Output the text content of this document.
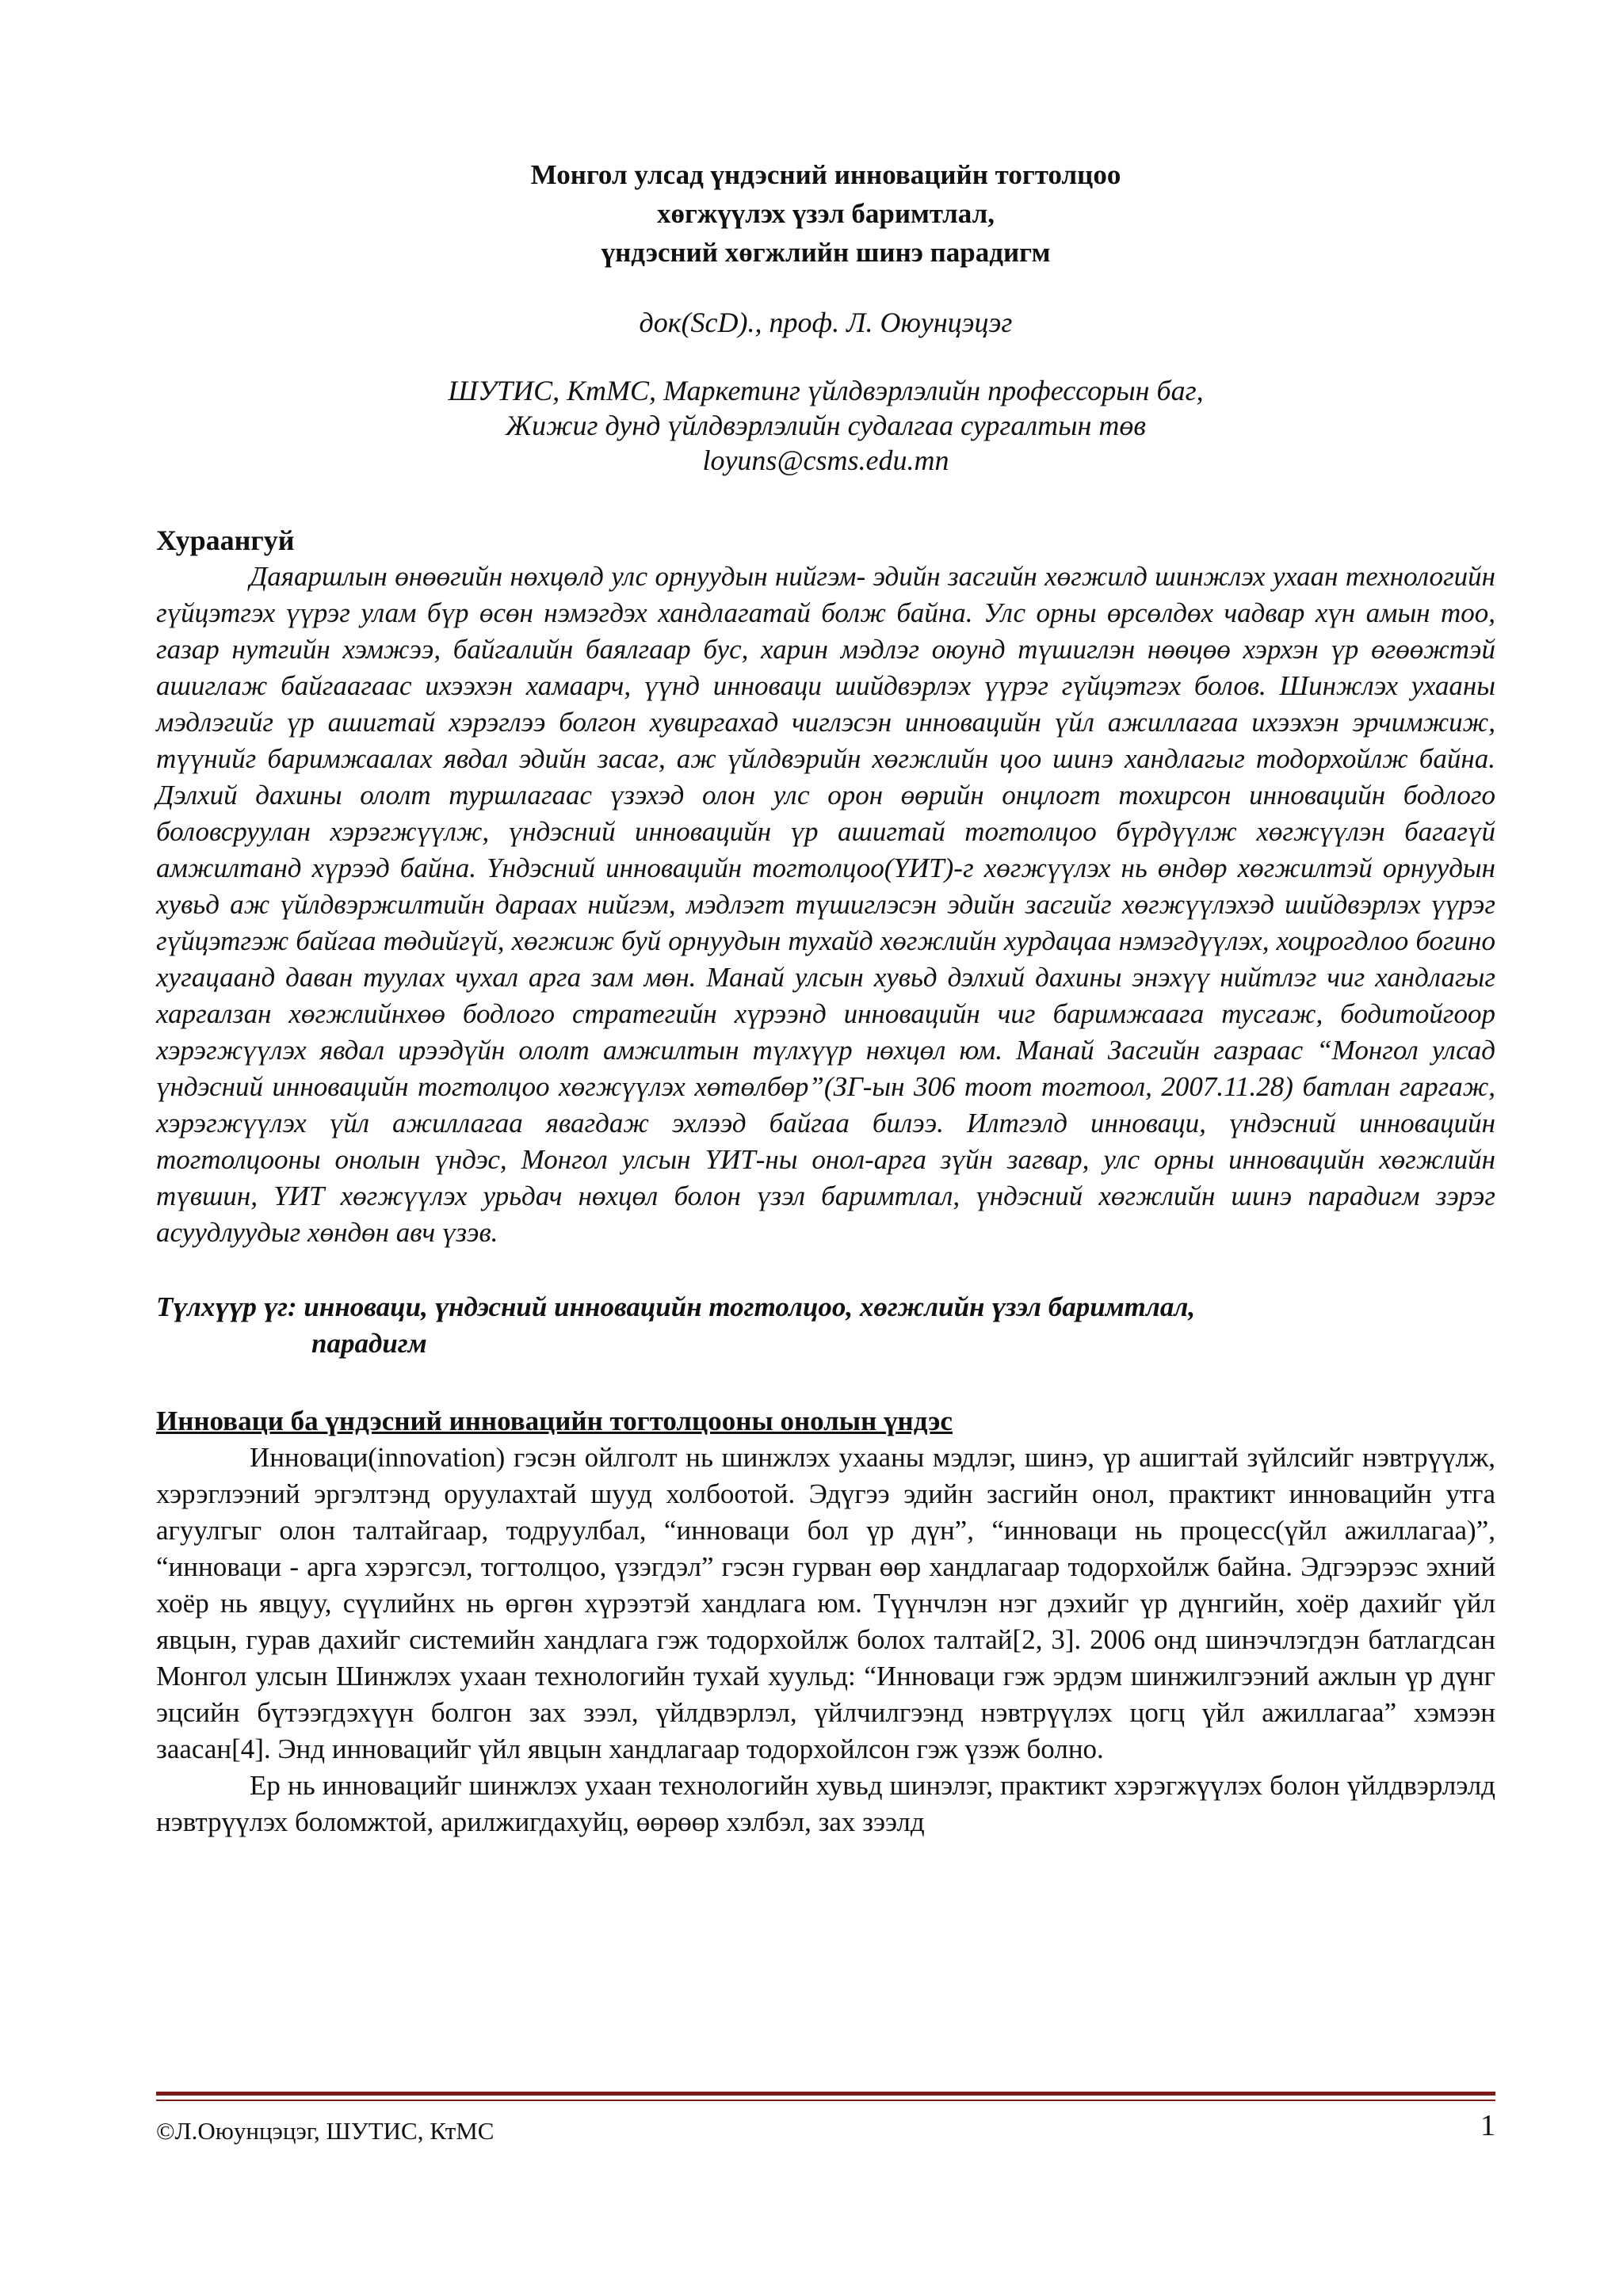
Монгол улсад үндэсний инновацийн тогтолцоо
хөгжүүлэх үзэл баримтлал,
үндэсний хөгжлийн шинэ парадигм
док(ScD)., проф. Л. Оюунцэцэг
ШУТИС, КтМС, Маркетинг үйлдвэрлэлийн профессорын баг,
Жижиг дунд үйлдвэрлэлийн судалгаа сургалтын төв
loyuns@csms.edu.mn
Хураангуй

Даяаршлын өнөөгийн нөхцөлд улс орнуудын нийгэм- эдийн засгийн хөгжилд шинжлэх ухаан технологийн гүйцэтгэх үүрэг улам бүр өсөн нэмэгдэх хандлагатай болж байна. Улс орны өрсөлдөх чадвар хүн амын тоо, газар нутгийн хэмжээ, байгалийн баялгаар бус, харин мэдлэг оюунд түшиглэн нөөцөө хэрхэн үр өгөөжтэй ашиглаж байгаагаас ихээхэн хамаарч, үүнд инноваци шийдвэрлэх үүрэг гүйцэтгэх болов. Шинжлэх ухааны мэдлэгийг үр ашигтай хэрэглээ болгон хувиргахад чиглэсэн инновацийн үйл ажиллагаа ихээхэн эрчимжиж, түүнийг баримжаалах явдал эдийн засаг, аж үйлдвэрийн хөгжлийн цоо шинэ хандлагыг тодорхойлж байна. Дэлхий дахины ололт туршлагаас үзэхэд олон улс орон өөрийн онцлогт тохирсон инновацийн бодлого боловсруулан хэрэгжүүлж, үндэсний инновацийн үр ашигтай тогтолцоо бүрдүүлж хөгжүүлэн багагүй амжилтанд хүрээд байна. Үндэсний инновацийн тогтолцоо(ҮИТ)-г хөгжүүлэх нь өндөр хөгжилтэй орнуудын хувьд аж үйлдвэржилтийн дараах нийгэм, мэдлэгт түшиглэсэн эдийн засгийг хөгжүүлэхэд шийдвэрлэх үүрэг гүйцэтгэж байгаа төдийгүй, хөгжиж буй орнуудын тухайд хөгжлийн хурдацаа нэмэгдүүлэх, хоцрогдлоо богино хугацаанд даван туулах чухал арга зам мөн. Манай улсын хувьд дэлхий дахины энэхүү нийтлэг чиг хандлагыг харгалзан хөгжлийнхөө бодлого стратегийн хүрээнд инновацийн чиг баримжаага тусгаж, бодитойгоор хэрэгжүүлэх явдал ирээдүйн ололт амжилтын түлхүүр нөхцөл юм. Манай Засгийн газраас “Монгол улсад үндэсний инновацийн тогтолцоо хөгжүүлэх хөтөлбөр”(ЗГ-ын 306 тоот тогтоол, 2007.11.28) батлан гаргаж, хэрэгжүүлэх үйл ажиллагаа явагдаж эхлээд байгаа билээ. Илтгэлд инноваци, үндэсний инновацийн тогтолцооны онолын үндэс, Монгол улсын ҮИТ-ны онол-арга зүйн загвар, улс орны инновацийн хөгжлийн түвшин, ҮИТ хөгжүүлэх урьдач нөхцөл болон үзэл баримтлал, үндэсний хөгжлийн шинэ парадигм зэрэг асуудлуудыг хөндөн авч үзэв.

Түлхүүр үг: инноваци, үндэсний инновацийн тогтолцоо, хөгжлийн үзэл баримтлал,
парадигм
Инноваци ба үндэсний инновацийн тогтолцооны онолын үндэс

Инноваци(innovation) гэсэн ойлголт нь шинжлэх ухааны мэдлэг, шинэ, үр ашигтай зүйлсийг нэвтрүүлж, хэрэглээний эргэлтэнд оруулахтай шууд холбоотой. Эдүгээ эдийн засгийн онол, практикт инновацийн утга агуулгыг олон талтайгаар, тодруулбал, “инноваци бол үр дүн”, “инноваци нь процесс(үйл ажиллагаа)”, “инноваци - арга хэрэгсэл, тогтолцоо, үзэгдэл” гэсэн гурван өөр хандлагаар тодорхойлж байна. Эдгээрээс эхний хоёр нь явцуу, сүүлийнх нь өргөн хүрээтэй хандлага юм. Түүнчлэн нэг дэхийг үр дүнгийн, хоёр дахийг үйл явцын, гурав дахийг системийн хандлага гэж тодорхойлж болох талтай[2, 3]. 2006 онд шинэчлэгдэн батлагдсан Монгол улсын Шинжлэх ухаан технологийн тухай хуульд: “Инноваци гэж эрдэм шинжилгээний ажлын үр дүнг эцсийн бүтээгдэхүүн болгон зах зээл, үйлдвэрлэл, үйлчилгээнд нэвтрүүлэх цогц үйл ажиллагаа” хэмээн заасан[4]. Энд инновацийг үйл явцын хандлагаар тодорхойлсон гэж үзэж болно.

Ер нь инновацийг шинжлэх ухаан технологийн хувьд шинэлэг, практикт хэрэгжүүлэх болон үйлдвэрлэлд нэвтрүүлэх боломжтой, арилжигдахуйц, өөрөөр хэлбэл, зах зээлд

©Л.Оюунцэцэг, ШУТИС, КтМС	1
